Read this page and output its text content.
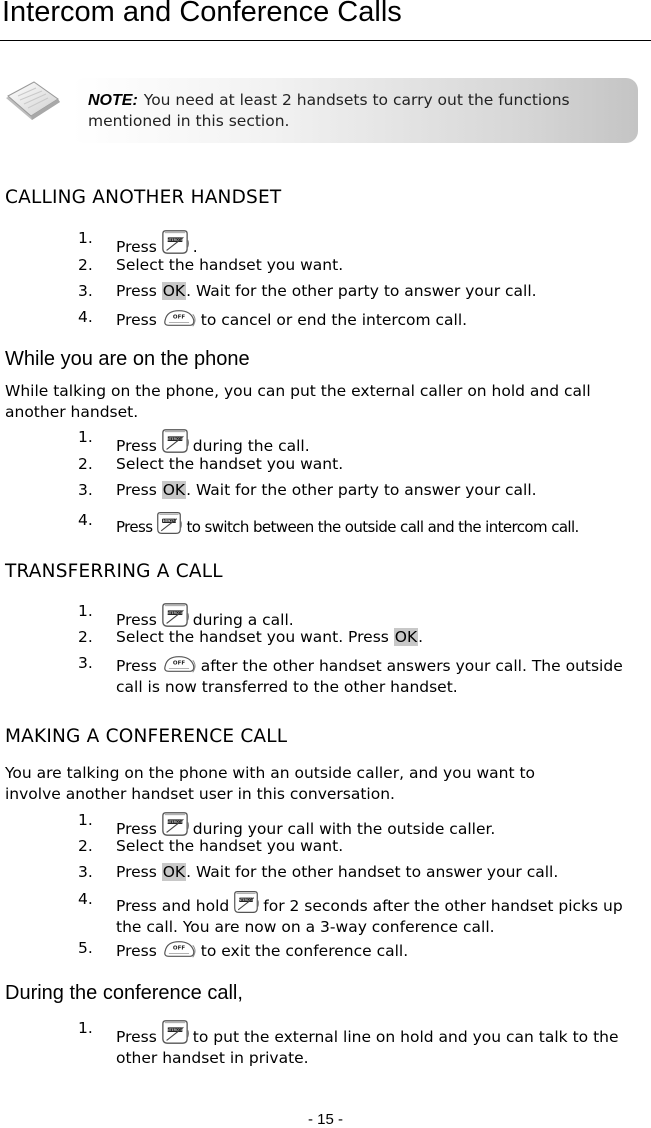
Intercom and Conference Calls
NOTE: You need at least 2 handsets to carry out the functions mentioned in this section.
CALLING ANOTHER HANDSET
1. Press .
2. Select the handset you want.
3. Press OK. Wait for the other party to answer your call.
4. Press	to cancel or end the intercom call.
While you are on the phone
While talking on the phone, you can put the external caller on hold and call another handset.
1. Press during the call.
2. Select the handset you want.
3. Press OK. Wait for the other party to answer your call.
4. Press to switch between the outside call and the intercom call.
TRANSFERRING A CALL
1. Press during a call.
2. Select the handset you want. Press OK.
3. Press	after the other handset answers your call. The outside call is now transferred to the other handset.
MAKING A CONFERENCE CALL
You are talking on the phone with an outside caller, and you want to involve another handset user in this conversation.
1. Press during your call with the outside caller.
2. Select the handset you want.
3. Press OK. Wait for the other handset to answer your call.
4. Press and hold for 2 seconds after the other handset picks up the call. You are now on a 3-way conference call.
5. Press	to exit the conference call.
During the conference call,
1. Press to put the external line on hold and you can talk to the other handset in private.
- 15 -
